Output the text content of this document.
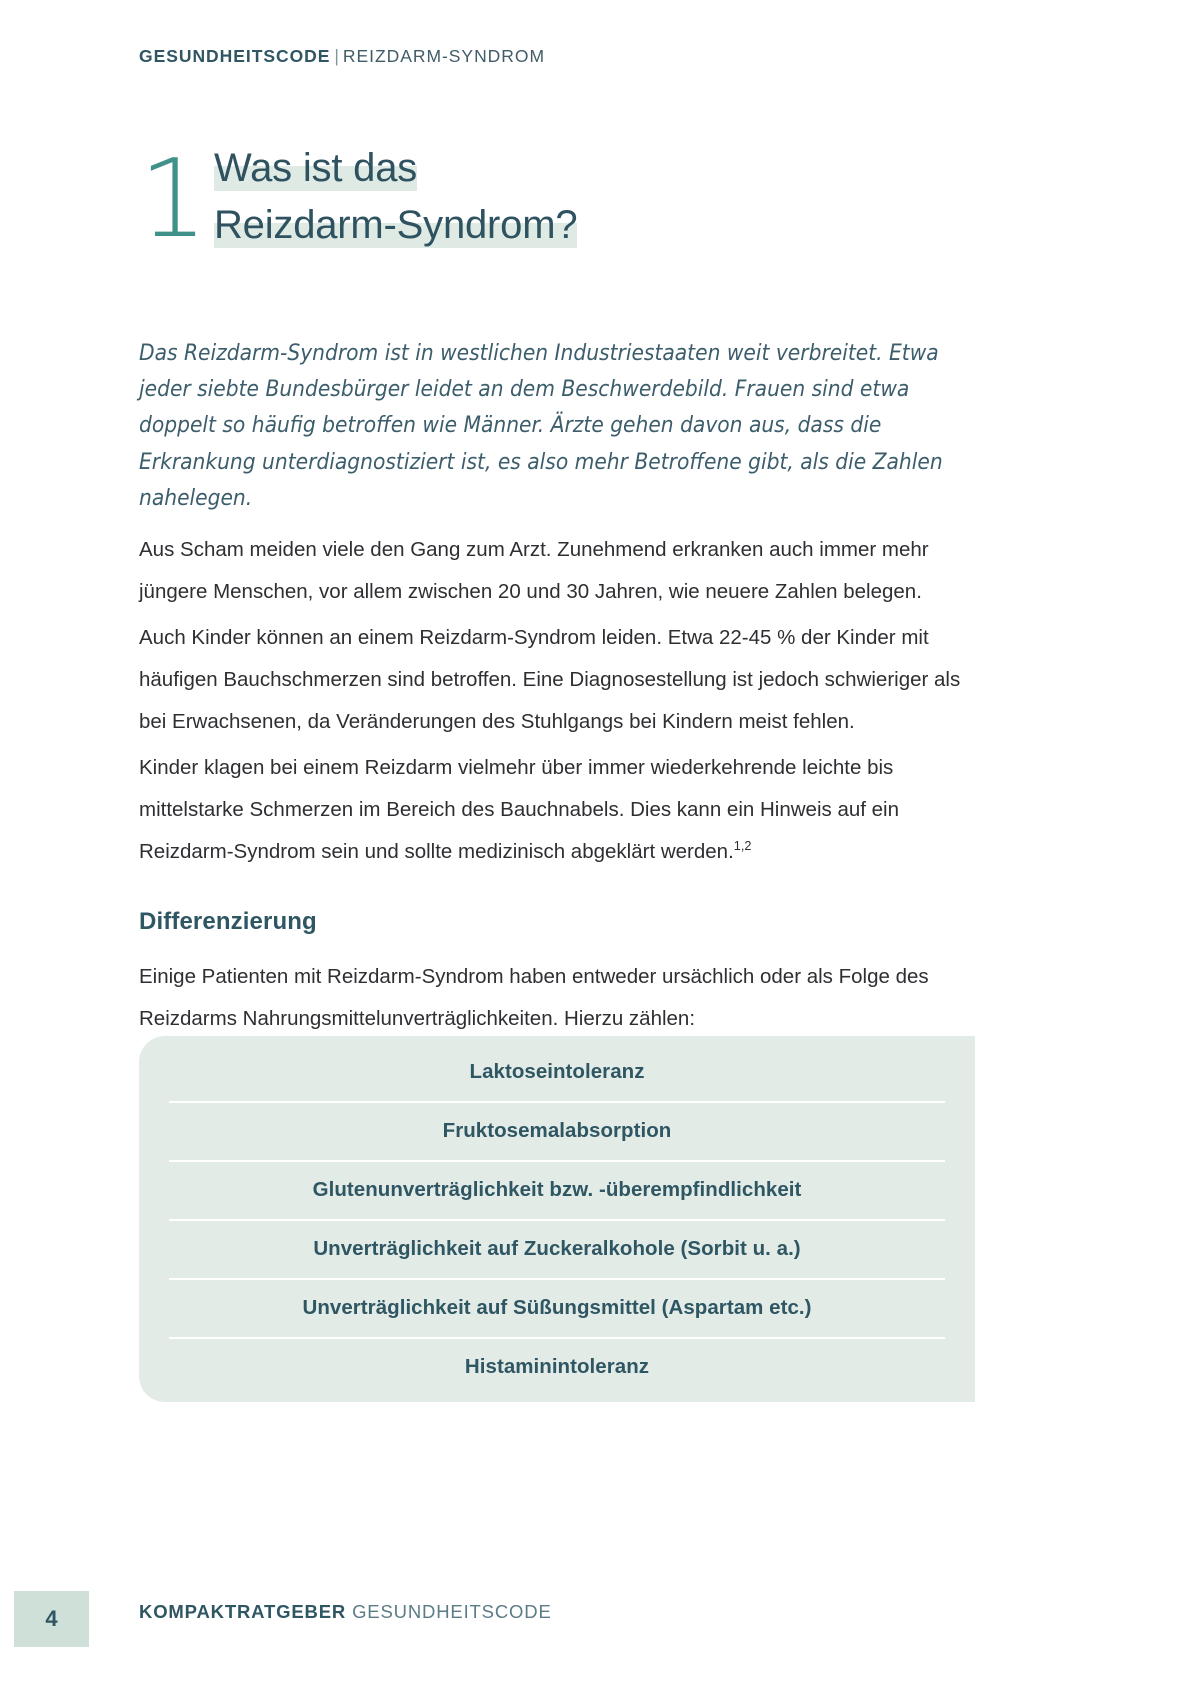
GESUNDHEITSCODE | REIZDARM-SYNDROM
1 Was ist das
Reizdarm-Syndrom?

Das Reizdarm-Syndrom ist in westlichen Industriestaaten weit verbreitet. Etwa jeder siebte Bundesbürger leidet an dem Beschwerdebild. Frauen sind etwa doppelt so häufig betroffen wie Männer. Ärzte gehen davon aus, dass die Erkrankung unterdiagnostiziert ist, es also mehr Betroffene gibt, als die Zahlen nahelegen.

Aus Scham meiden viele den Gang zum Arzt. Zunehmend erkranken auch immer mehr jüngere Menschen, vor allem zwischen 20 und 30 Jahren, wie neuere Zahlen belegen.

Auch Kinder können an einem Reizdarm-Syndrom leiden. Etwa 22-45 % der Kinder mit häufigen Bauchschmerzen sind betroffen. Eine Diagnosestellung ist jedoch schwieriger als bei Erwachsenen, da Veränderungen des Stuhlgangs bei Kindern meist fehlen.

Kinder klagen bei einem Reizdarm vielmehr über immer wiederkehrende leichte bis mittelstarke Schmerzen im Bereich des Bauchnabels. Dies kann ein Hinweis auf ein Reizdarm-Syndrom sein und sollte medizinisch abgeklärt werden.$^{1,2}$

Differenzierung

Einige Patienten mit Reizdarm-Syndrom haben entweder ursächlich oder als Folge des Reizdarms Nahrungsmittelunverträglichkeiten. Hierzu zählen:

Laktoseintoleranz
Fruktosemalabsorption
Glutenunverträglichkeit bzw. -überempfindlichkeit
Unverträglichkeit auf Zuckeralkohole (Sorbit u. a.)
Unverträglichkeit auf Süßungsmittel (Aspartam etc.)
Histaminintoleranz
4	KOMPAKTRATGEBER GESUNDHEITSCODE
